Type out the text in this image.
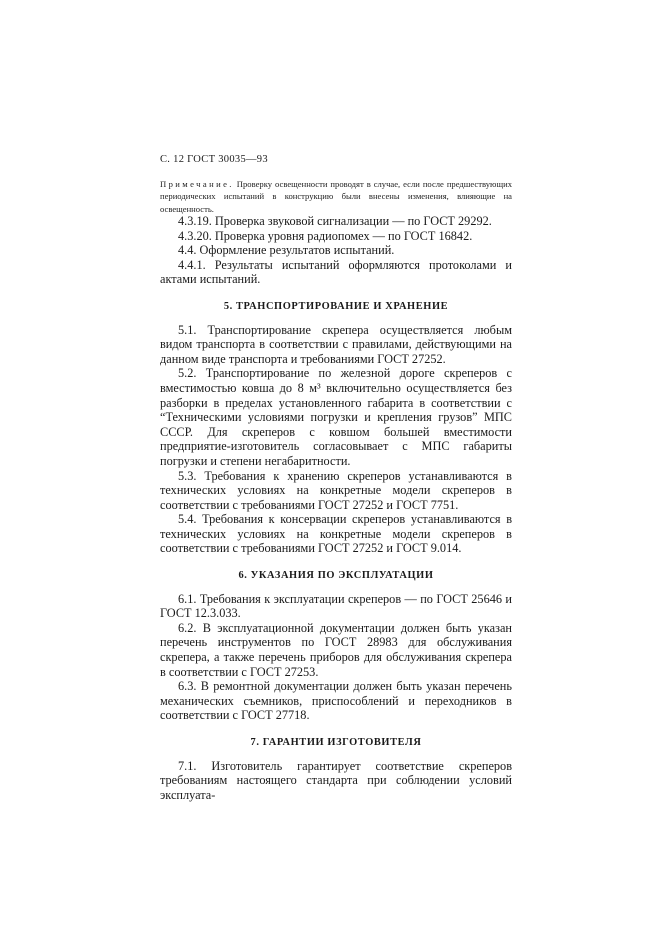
С. 12 ГОСТ 30035—93
Примечание. Проверку освещенности проводят в случае, если после предшествующих периодических испытаний в конструкцию были внесены изменения, влияющие на освещенность.

4.3.19. Проверка звуковой сигнализации — по ГОСТ 29292.

4.3.20. Проверка уровня радиопомех — по ГОСТ 16842.

4.4. Оформление результатов испытаний.

4.4.1. Результаты испытаний оформляются протоколами и актами испытаний.

5. ТРАНСПОРТИРОВАНИЕ И ХРАНЕНИЕ

5.1. Транспортирование скрепера осуществляется любым видом транспорта в соответствии с правилами, действующими на данном виде транспорта и требованиями ГОСТ 27252.

5.2. Транспортирование по железной дороге скреперов с вместимостью ковша до 8 м³ включительно осуществляется без разборки в пределах установленного габарита в соответствии с “Техническими условиями погрузки и крепления грузов” МПС СССР. Для скреперов с ковшом большей вместимости предприятие-изготовитель согласовывает с МПС габариты погрузки и степени негабаритности.

5.3. Требования к хранению скреперов устанавливаются в технических условиях на конкретные модели скреперов в соответствии с требованиями ГОСТ 27252 и ГОСТ 7751.

5.4. Требования к консервации скреперов устанавливаются в технических условиях на конкретные модели скреперов в соответствии с требованиями ГОСТ 27252 и ГОСТ 9.014.

6. УКАЗАНИЯ ПО ЭКСПЛУАТАЦИИ

6.1. Требования к эксплуатации скреперов — по ГОСТ 25646 и ГОСТ 12.3.033.

6.2. В эксплуатационной документации должен быть указан перечень инструментов по ГОСТ 28983 для обслуживания скрепера, а также перечень приборов для обслуживания скрепера в соответствии с ГОСТ 27253.

6.3. В ремонтной документации должен быть указан перечень механических съемников, приспособлений и переходников в соответствии с ГОСТ 27718.

7. ГАРАНТИИ ИЗГОТОВИТЕЛЯ

7.1. Изготовитель гарантирует соответствие скреперов требованиям настоящего стандарта при соблюдении условий эксплуата-
